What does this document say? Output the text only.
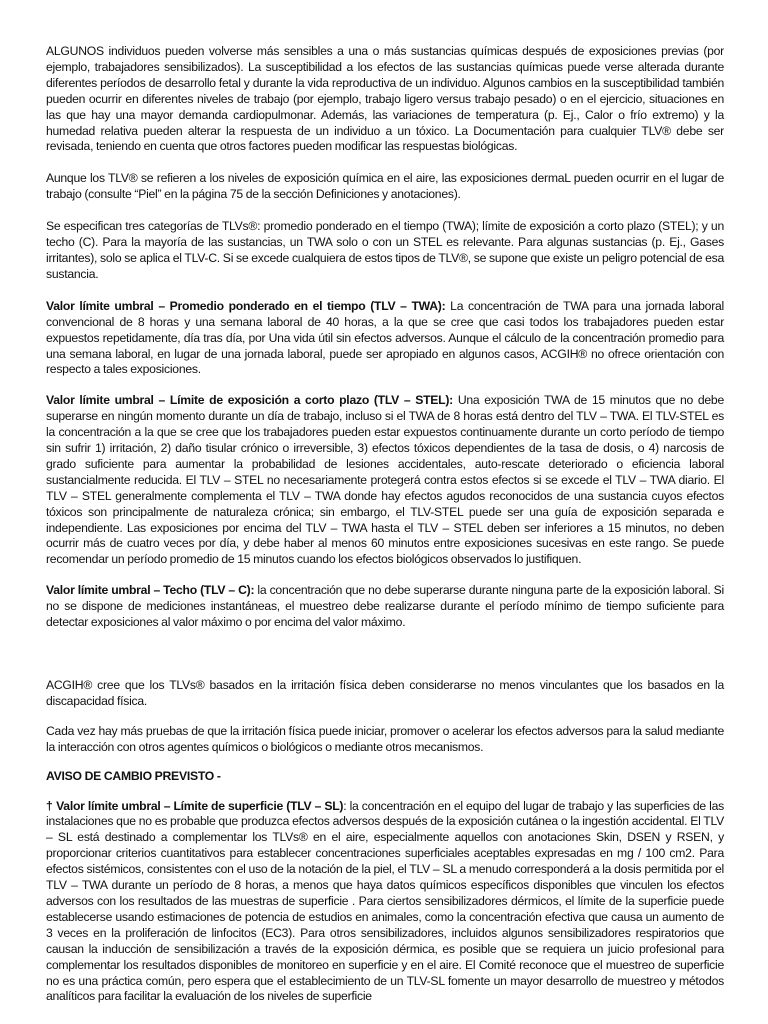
ALGUNOS individuos pueden volverse más sensibles a una o más sustancias químicas después de exposiciones previas (por ejemplo, trabajadores sensibilizados). La susceptibilidad a los efectos de las sustancias químicas puede verse alterada durante diferentes períodos de desarrollo fetal y durante la vida reproductiva de un individuo. Algunos cambios en la susceptibilidad también pueden ocurrir en diferentes niveles de trabajo (por ejemplo, trabajo ligero versus trabajo pesado) o en el ejercicio, situaciones en las que hay una mayor demanda cardiopulmonar. Además, las variaciones de temperatura (p. Ej., Calor o frío extremo) y la humedad relativa pueden alterar la respuesta de un individuo a un tóxico. La Documentación para cualquier TLV® debe ser revisada, teniendo en cuenta que otros factores pueden modificar las respuestas biológicas.

Aunque los TLV® se refieren a los niveles de exposición química en el aire, las exposiciones dermaL pueden ocurrir en el lugar de trabajo (consulte “Piel” en la página 75 de la sección Definiciones y anotaciones).

Se especifican tres categorías de TLVs®: promedio ponderado en el tiempo (TWA); límite de exposición a corto plazo (STEL); y un techo (C). Para la mayoría de las sustancias, un TWA solo o con un STEL es relevante. Para algunas sustancias (p. Ej., Gases irritantes), solo se aplica el TLV-C. Si se excede cualquiera de estos tipos de TLV®, se supone que existe un peligro potencial de esa sustancia.

Valor límite umbral – Promedio ponderado en el tiempo (TLV – TWA): La concentración de TWA para una jornada laboral convencional de 8 horas y una semana laboral de 40 horas, a la que se cree que casi todos los trabajadores pueden estar expuestos repetidamente, día tras día, por Una vida útil sin efectos adversos. Aunque el cálculo de la concentración promedio para una semana laboral, en lugar de una jornada laboral, puede ser apropiado en algunos casos, ACGIH® no ofrece orientación con respecto a tales exposiciones.

Valor límite umbral – Límite de exposición a corto plazo (TLV – STEL): Una exposición TWA de 15 minutos que no debe superarse en ningún momento durante un día de trabajo, incluso si el TWA de 8 horas está dentro del TLV – TWA. El TLV-STEL es la concentración a la que se cree que los trabajadores pueden estar expuestos continuamente durante un corto período de tiempo sin sufrir 1) irritación, 2) daño tisular crónico o irreversible, 3) efectos tóxicos dependientes de la tasa de dosis, o 4) narcosis de grado suficiente para aumentar la probabilidad de lesiones accidentales, auto-rescate deteriorado o eficiencia laboral sustancialmente reducida. El TLV – STEL no necesariamente protegerá contra estos efectos si se excede el TLV – TWA diario. El TLV – STEL generalmente complementa el TLV – TWA donde hay efectos agudos reconocidos de una sustancia cuyos efectos tóxicos son principalmente de naturaleza crónica; sin embargo, el TLV-STEL puede ser una guía de exposición separada e independiente. Las exposiciones por encima del TLV – TWA hasta el TLV – STEL deben ser inferiores a 15 minutos, no deben ocurrir más de cuatro veces por día, y debe haber al menos 60 minutos entre exposiciones sucesivas en este rango. Se puede recomendar un período promedio de 15 minutos cuando los efectos biológicos observados lo justifiquen.

Valor límite umbral – Techo (TLV – C): la concentración que no debe superarse durante ninguna parte de la exposición laboral. Si no se dispone de mediciones instantáneas, el muestreo debe realizarse durante el período mínimo de tiempo suficiente para detectar exposiciones al valor máximo o por encima del valor máximo.

ACGIH® cree que los TLVs® basados en la irritación física deben considerarse no menos vinculantes que los basados en la discapacidad física.

Cada vez hay más pruebas de que la irritación física puede iniciar, promover o acelerar los efectos adversos para la salud mediante la interacción con otros agentes químicos o biológicos o mediante otros mecanismos.

AVISO DE CAMBIO PREVISTO -

† Valor límite umbral – Límite de superficie (TLV – SL): la concentración en el equipo del lugar de trabajo y las superficies de las instalaciones que no es probable que produzca efectos adversos después de la exposición cutánea o la ingestión accidental. El TLV – SL está destinado a complementar los TLVs® en el aire, especialmente aquellos con anotaciones Skin, DSEN y RSEN, y proporcionar criterios cuantitativos para establecer concentraciones superficiales aceptables expresadas en mg / 100 cm2. Para efectos sistémicos, consistentes con el uso de la notación de la piel, el TLV – SL a menudo corresponderá a la dosis permitida por el TLV – TWA durante un período de 8 horas, a menos que haya datos químicos específicos disponibles que vinculen los efectos adversos con los resultados de las muestras de superficie . Para ciertos sensibilizadores dérmicos, el límite de la superficie puede establecerse usando estimaciones de potencia de estudios en animales, como la concentración efectiva que causa un aumento de 3 veces en la proliferación de linfocitos (EC3). Para otros sensibilizadores, incluidos algunos sensibilizadores respiratorios que causan la inducción de sensibilización a través de la exposición dérmica, es posible que se requiera un juicio profesional para complementar los resultados disponibles de monitoreo en superficie y en el aire. El Comité reconoce que el muestreo de superficie no es una práctica común, pero espera que el establecimiento de un TLV-SL fomente un mayor desarrollo de muestreo y métodos analíticos para facilitar la evaluación de los niveles de superficie
